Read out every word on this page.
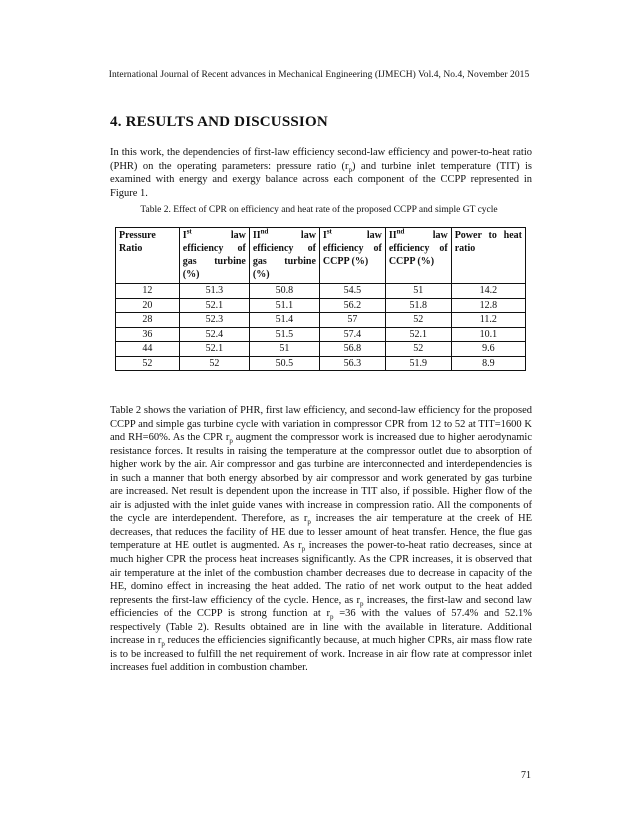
International Journal of Recent advances in Mechanical Engineering (IJMECH) Vol.4, No.4, November 2015
4. RESULTS AND DISCUSSION

In this work, the dependencies of first-law efficiency second-law efficiency and power-to-heat ratio (PHR) on the operating parameters: pressure ratio $(r_p)$ and turbine inlet temperature (TIT) is examined with energy and exergy balance across each component of the CCPP represented in Figure 1.

Table 2. Effect of CPR on efficiency and heat rate of the proposed CCPP and simple GT cycle

Pressure Ratio	Ist law efficiency of gas turbine (%)	IInd law efficiency of gas turbine (%)	Ist law efficiency of CCPP (%)	IInd law efficiency of CCPP (%)	Power to heat ratio
12	51.3	50.8	54.5	51	14.2
20	52.1	51.1	56.2	51.8	12.8
28	52.3	51.4	57	52	11.2
36	52.4	51.5	57.4	52.1	10.1
44	52.1	51	56.8	52	9.6
52	52	50.5	56.3	51.9	8.9

Table 2 shows the variation of PHR, first law efficiency, and second-law efficiency for the proposed CCPP and simple gas turbine cycle with variation in compressor CPR from 12 to 52 at TIT=1600 K and RH=60%. As the CPR $r_p$ augment the compressor work is increased due to higher aerodynamic resistance forces. It results in raising the temperature at the compressor outlet due to absorption of higher work by the air. Air compressor and gas turbine are interconnected and interdependencies is in such a manner that both energy absorbed by air compressor and work generated by gas turbine are increased. Net result is dependent upon the increase in TIT also, if possible. Higher flow of the air is adjusted with the inlet guide vanes with increase in compression ratio. All the components of the cycle are interdependent. Therefore, as $r_p$ increases the air temperature at the creek of HE decreases, that reduces the facility of HE due to lesser amount of heat transfer. Hence, the flue gas temperature at HE outlet is augmented. As $r_p$ increases the power-to-heat ratio decreases, since at much higher CPR the process heat increases significantly. As the CPR increases, it is observed that air temperature at the inlet of the combustion chamber decreases due to decrease in capacity of the HE, domino effect in increasing the heat added. The ratio of net work output to the heat added represents the first-law efficiency of the cycle. Hence, as $r_p$ increases, the first-law and second law efficiencies of the CCPP is strong function at $r_p =36$ with the values of 57.4% and 52.1% respectively (Table 2). Results obtained are in line with the available in literature. Additional increase in $r_p$ reduces the efficiencies significantly because, at much higher CPRs, air mass flow rate is to be increased to fulfill the net requirement of work. Increase in air flow rate at compressor inlet increases fuel addition in combustion chamber.

71
